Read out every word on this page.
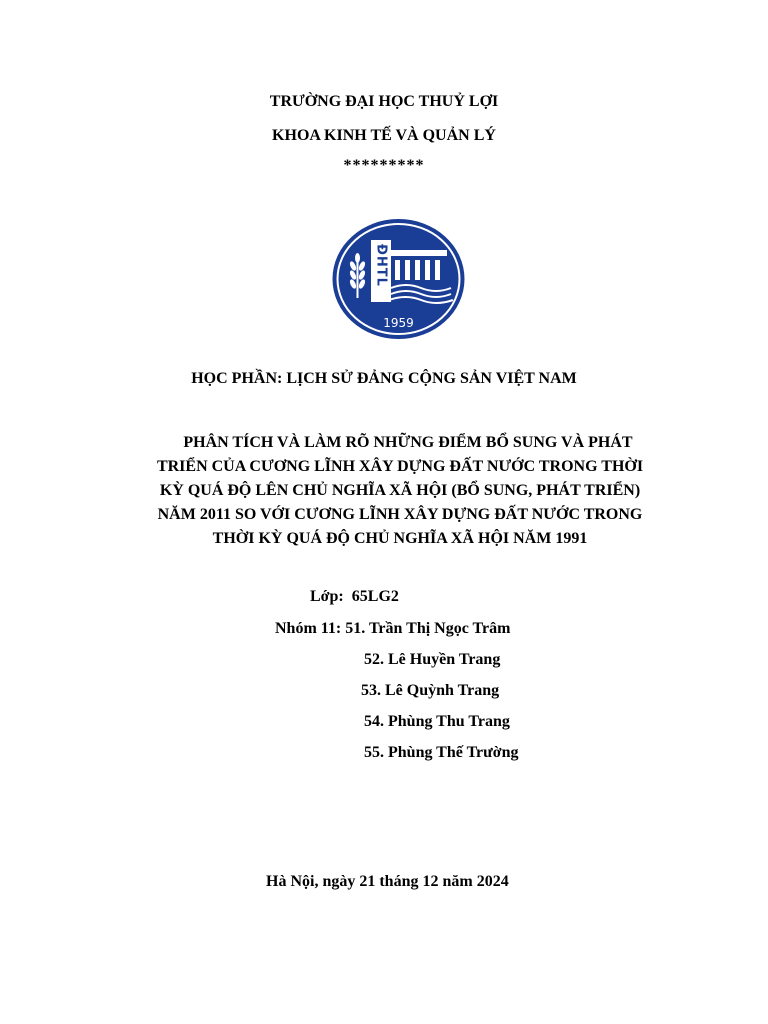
TRƯỜNG ĐẠI HỌC THUỶ LỢI
KHOA KINH TẾ VÀ QUẢN LÝ
*********
ĐHTL
1959
HỌC PHẦN: LỊCH SỬ ĐẢNG CỘNG SẢN VIỆT NAM
PHÂN TÍCH VÀ LÀM RÕ NHỮNG ĐIỂM BỔ SUNG VÀ PHÁT
TRIỂN CỦA CƯƠNG LĨNH XÂY DỰNG ĐẤT NƯỚC TRONG THỜI
KỲ QUÁ ĐỘ LÊN CHỦ NGHĨA XÃ HỘI (BỔ SUNG, PHÁT TRIỂN)
NĂM 2011 SO VỚI CƯƠNG LĨNH XÂY DỰNG ĐẤT NƯỚC TRONG
THỜI KỲ QUÁ ĐỘ CHỦ NGHĨA XÃ HỘI NĂM 1991
Lớp: 65LG2
Nhóm 11: 51. Trần Thị Ngọc Trâm
52. Lê Huyền Trang
53. Lê Quỳnh Trang
54. Phùng Thu Trang
55. Phùng Thế Trường
Hà Nội, ngày 21 tháng 12 năm 2024
